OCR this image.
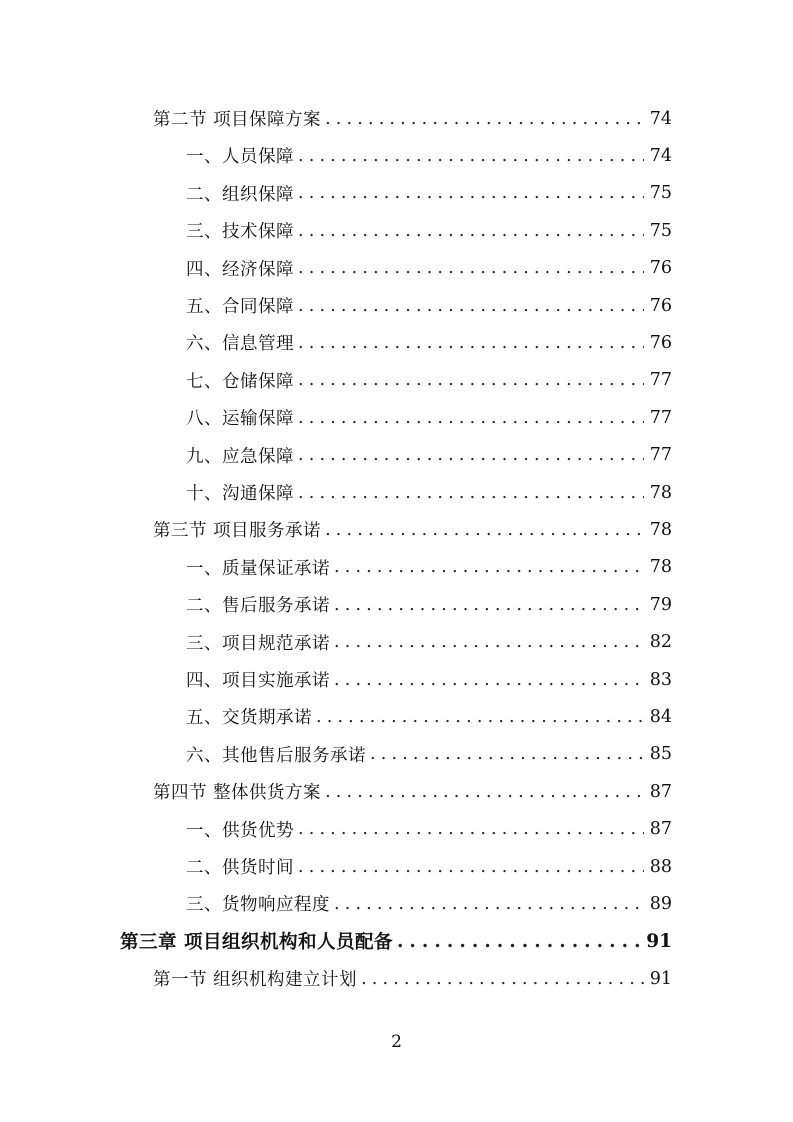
第二节 项目保障方案 . . .	74
一、人员保障 . . .	74
二、组织保障 . . .	75
三、技术保障 . . .	75
四、经济保障 . . .	76
五、合同保障 . . .	76
六、信息管理 . . .	76
七、仓储保障 . . .	77
八、运输保障 . . .	77
九、应急保障 . . .	77
十、沟通保障 . . .	78
第三节 项目服务承诺 . . .	78
一、质量保证承诺 . . .	78
二、售后服务承诺 . . .	79
三、项目规范承诺 . . .	82
四、项目实施承诺 . . .	83
五、交货期承诺 . . .	84
六、其他售后服务承诺 . . .	85
第四节 整体供货方案 . . .	87
一、供货优势 . . .	87
二、供货时间 . . .	88
三、货物响应程度 . . .	89
第三章 项目组织机构和人员配备 . . .	91
第一节 组织机构建立计划 . . .	91
2
